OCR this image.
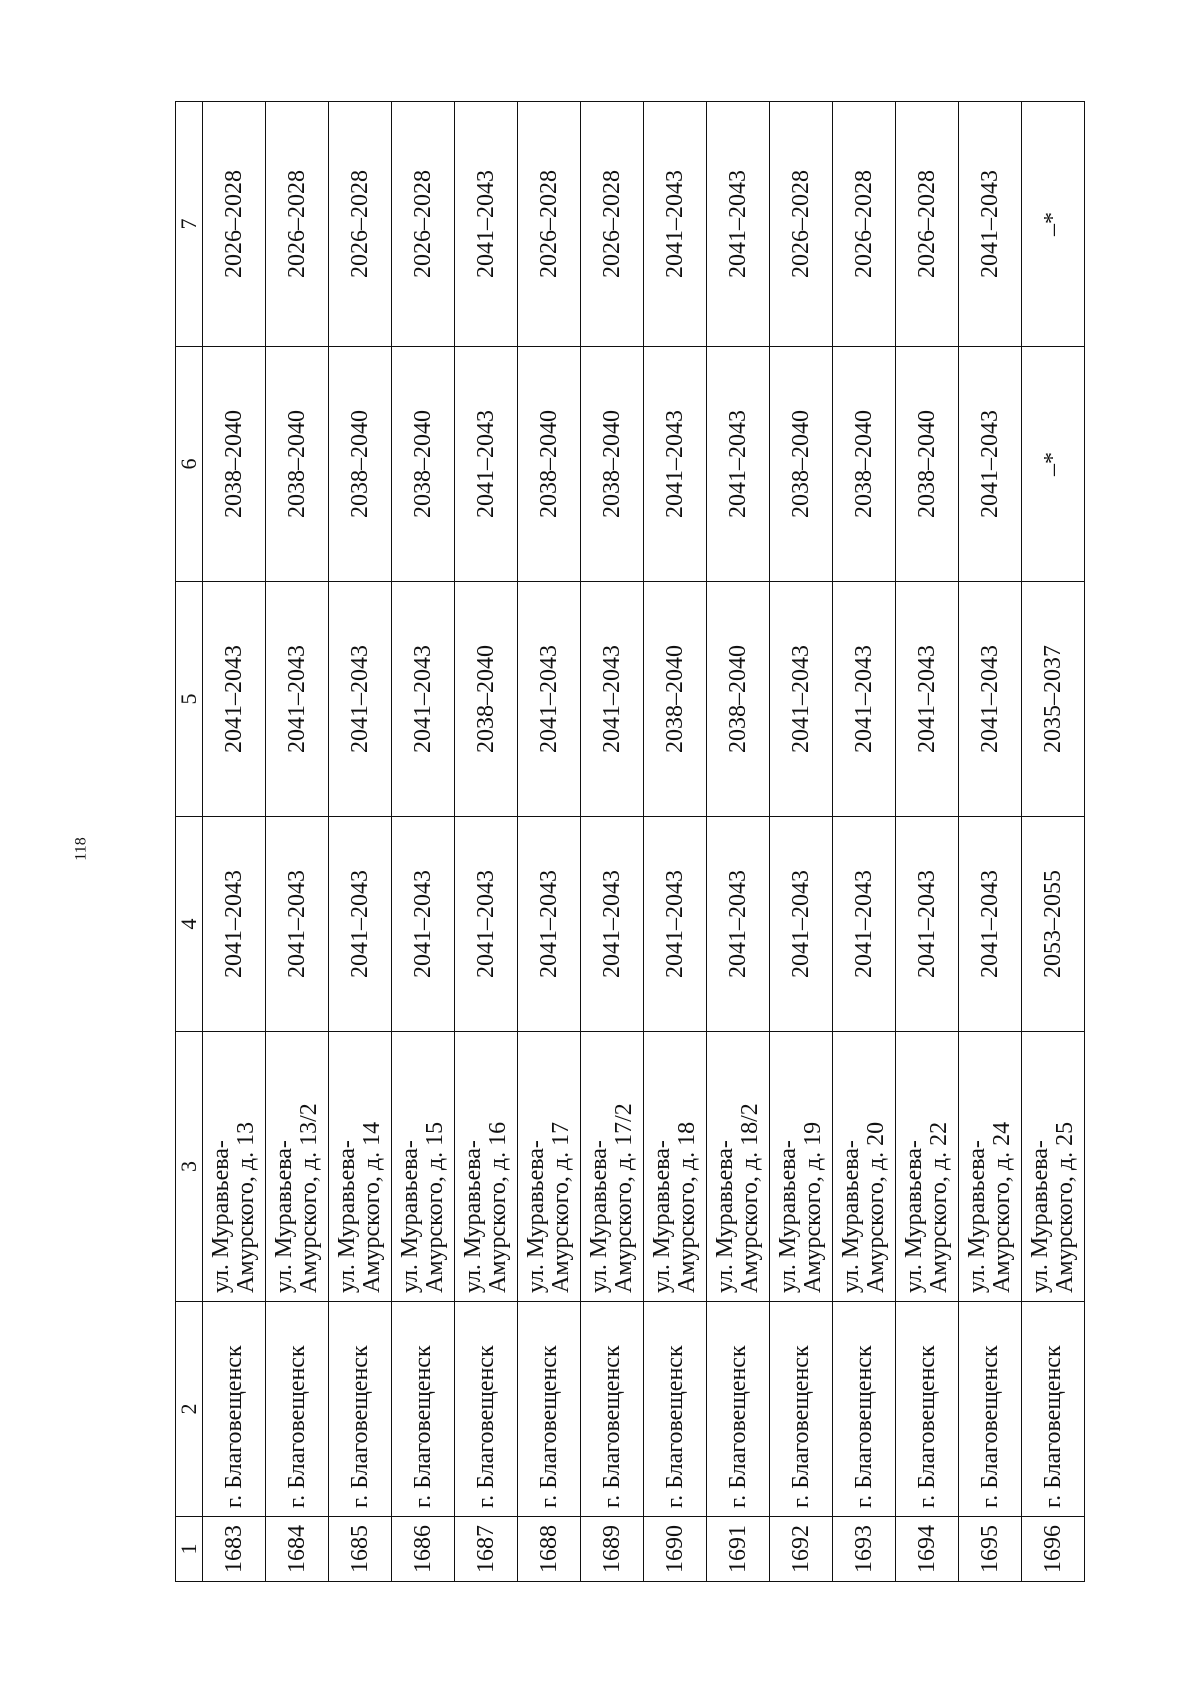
118
1	2	3	4	5	6	7
1683	г. Благовещенск	ул. Муравьева- Амурского, д. 13	2041–2043	2041–2043	2038–2040	2026–2028
1684	г. Благовещенск	ул. Муравьева- Амурского, д. 13/2	2041–2043	2041–2043	2038–2040	2026–2028
1685	г. Благовещенск	ул. Муравьева- Амурского, д. 14	2041–2043	2041–2043	2038–2040	2026–2028
1686	г. Благовещенск	ул. Муравьева- Амурского, д. 15	2041–2043	2041–2043	2038–2040	2026–2028
1687	г. Благовещенск	ул. Муравьева- Амурского, д. 16	2041–2043	2038–2040	2041–2043	2041–2043
1688	г. Благовещенск	ул. Муравьева- Амурского, д. 17	2041–2043	2041–2043	2038–2040	2026–2028
1689	г. Благовещенск	ул. Муравьева- Амурского, д. 17/2	2041–2043	2041–2043	2038–2040	2026–2028
1690	г. Благовещенск	ул. Муравьева- Амурского, д. 18	2041–2043	2038–2040	2041–2043	2041–2043
1691	г. Благовещенск	ул. Муравьева- Амурского, д. 18/2	2041–2043	2038–2040	2041–2043	2041–2043
1692	г. Благовещенск	ул. Муравьева- Амурского, д. 19	2041–2043	2041–2043	2038–2040	2026–2028
1693	г. Благовещенск	ул. Муравьева- Амурского, д. 20	2041–2043	2041–2043	2038–2040	2026–2028
1694	г. Благовещенск	ул. Муравьева- Амурского, д. 22	2041–2043	2041–2043	2038–2040	2026–2028
1695	г. Благовещенск	ул. Муравьева- Амурского, д. 24	2041–2043	2041–2043	2041–2043	2041–2043
1696	г. Благовещенск	ул. Муравьева- Амурского, д. 25	2053–2055	2035–2037	–*	–*
